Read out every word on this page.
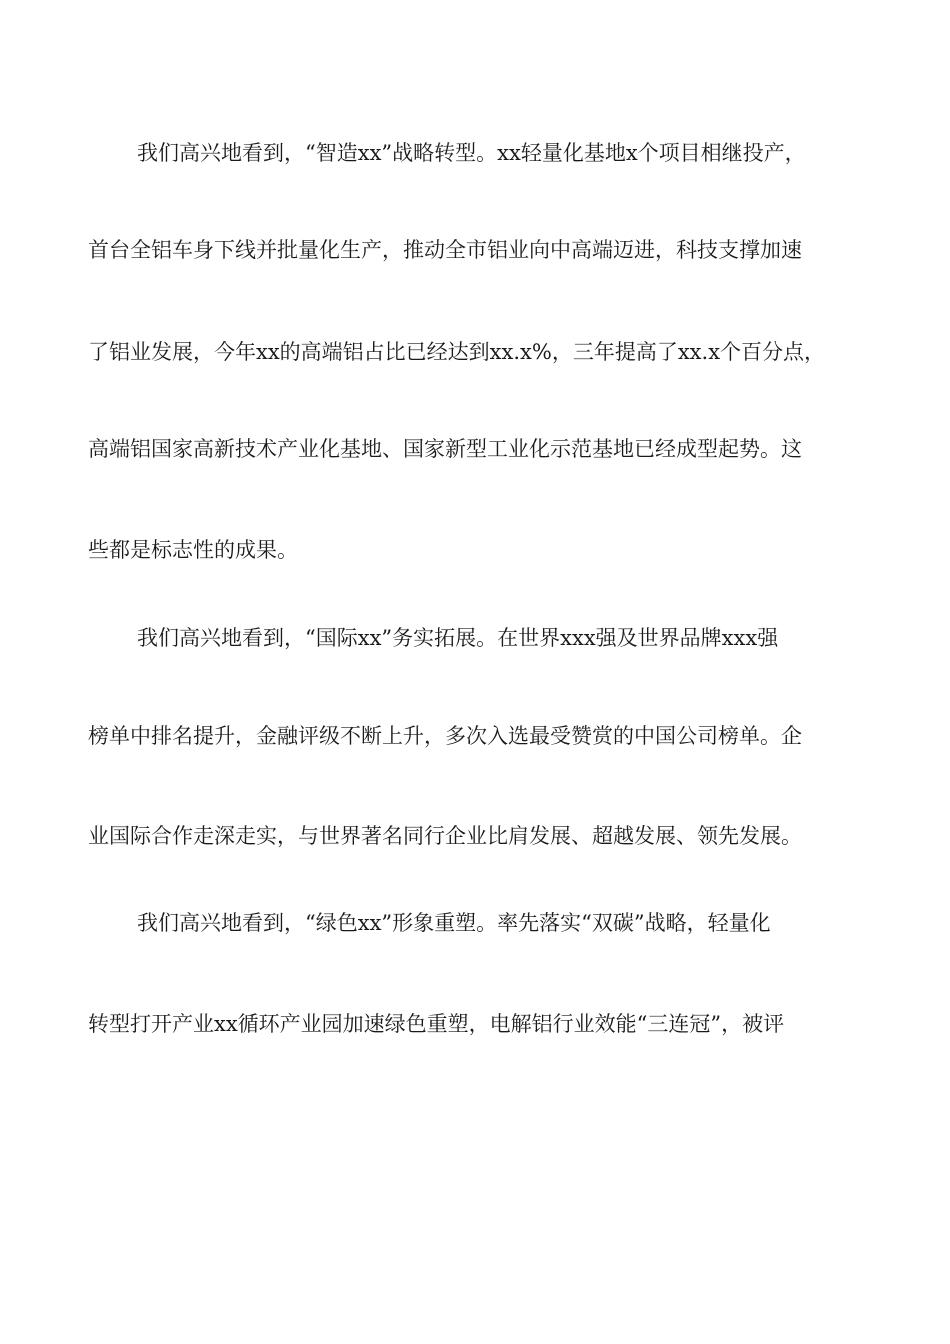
我们高兴地看到，“智造xx”战略转型。xx轻量化基地x个项目相继投产，
首台全铝车身下线并批量化生产，推动全市铝业向中高端迈进，科技支撑加速
了铝业发展，今年xx的高端铝占比已经达到xx.x%，三年提高了xx.x个百分点，
高端铝国家高新技术产业化基地、国家新型工业化示范基地已经成型起势。这
些都是标志性的成果。
我们高兴地看到，“国际xx”务实拓展。在世界xxx强及世界品牌xxx强
榜单中排名提升，金融评级不断上升，多次入选最受赞赏的中国公司榜单。企
业国际合作走深走实，与世界著名同行企业比肩发展、超越发展、领先发展。
我们高兴地看到，“绿色xx”形象重塑。率先落实“双碳”战略，轻量化
转型打开产业xx循环产业园加速绿色重塑，电解铝行业效能“三连冠”，被评
